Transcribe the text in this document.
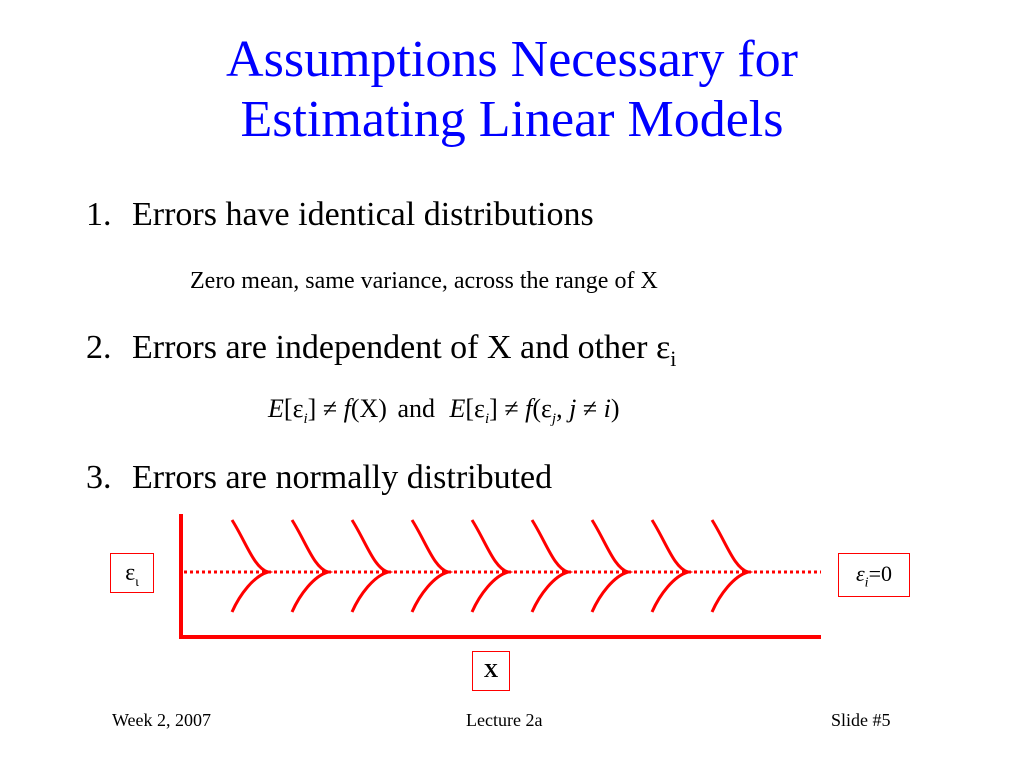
Assumptions Necessary for
Estimating Linear Models
1. Errors have identical distributions
Zero mean, same variance, across the range of X
2. Errors are independent of X and other $\varepsilon_i$
$E[\varepsilon_i] \ne f(X)$ and $E[\varepsilon_i] \ne f(\varepsilon_j$, j ≠ i)
3. Errors are normally distributed
$\varepsilon_\iota$	$\varepsilon_i=0$
X
Week 2, 2007	Lecture 2a	Slide #5
